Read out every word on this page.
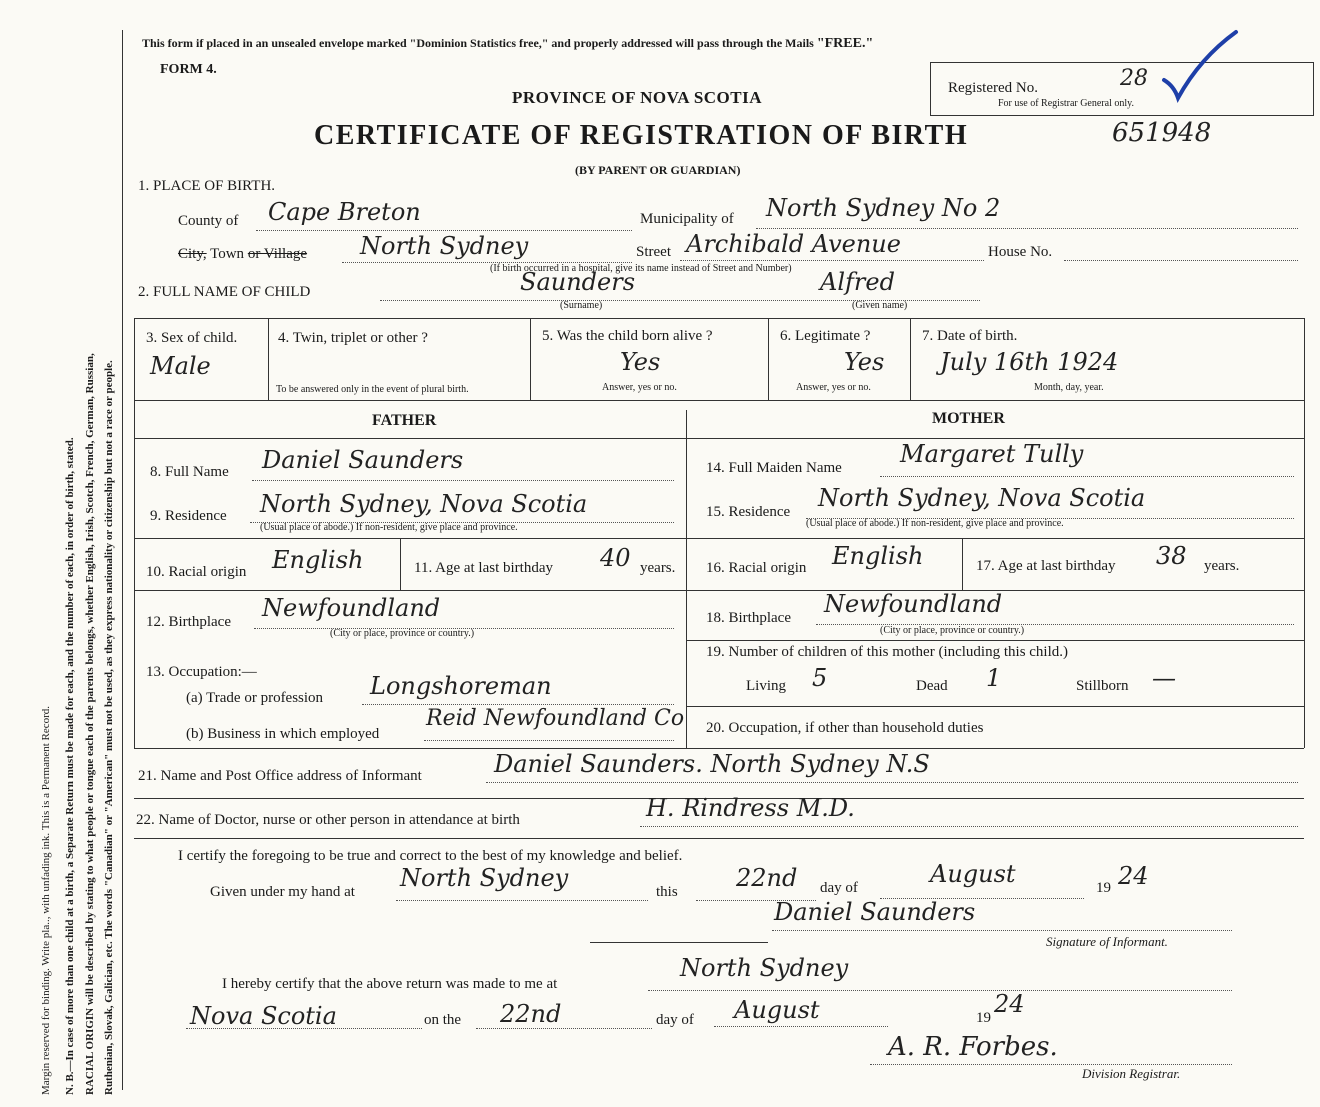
Margin reserved for binding. Write pla.., with unfading ink. This is a Permanent Record. N. B.—In case of more than one child at a birth, a Separate Return must be made for each, and the number of each, in order of birth, stated. RACIAL ORIGIN will be described by stating to what people or tongue each of the parents belongs, whether English, Irish, Scotch, French, German, Russian, Ruthenian, Slovak, Galician, etc. The words "Canadian" or "American" must not be used, as they express nationality or citizenship but not a race or people.
This form if placed in an unsealed envelope marked "Dominion Statistics free," and properly addressed will pass through the Mails "FREE."
FORM 4.
PROVINCE OF NOVA SCOTIA
CERTIFICATE OF REGISTRATION OF BIRTH
(BY PARENT OR GUARDIAN)
Registered No.	28
For use of Registrar General only.
651948
1. PLACE OF BIRTH.
County of Cape Breton	Municipality of North Sydney No 2
City, Town or Village North Sydney	Street Archibald Avenue	House No.
(If birth occurred in a hospital, give its name instead of Street and Number)
2. FULL NAME OF CHILD	Saunders	Alfred
(Surname)	(Given name)
3. Sex of child.
Male
4. Twin, triplet or other ?
To be answered only in the event of plural birth.
5. Was the child born alive ?
Yes
Answer, yes or no.
6. Legitimate ?
Yes
Answer, yes or no.
7. Date of birth.
July 16th 1924
Month, day, year.
FATHER	MOTHER
8. Full Name Daniel Saunders
9. Residence North Sydney, Nova Scotia
(Usual place of abode.) If non-resident, give place and province.
10. Racial origin English	11. Age at last birthday 40 years.
12. Birthplace Newfoundland
(City or place, province or country.)
13. Occupation:—
(a) Trade or profession Longshoreman
(b) Business in which employed
Reid Newfoundland Co
14. Full Maiden Name Margaret Tully
15. Residence North Sydney, Nova Scotia
(Usual place of abode.) If non-resident, give place and province.
16. Racial origin English	17. Age at last birthday 38 years.
18. Birthplace Newfoundland
(City or place, province or country.)
19. Number of children of this mother (including this child.)
Living 5	Dead 1	Stillborn —
20. Occupation, if other than household duties
21. Name and Post Office address of Informant	Daniel Saunders. North Sydney N.S
22. Name of Doctor, nurse or other person in attendance at birth	H. Rindress M.D.
I certify the foregoing to be true and correct to the best of my knowledge and belief.
Given under my hand at North Sydney	this 22nd day of	August	19 24
Daniel Saunders
Signature of Informant.
I hereby certify that the above return was made to me at
North Sydney
Nova Scotia	on the 22nd	day of August	19 24
A. R. Forbes.
Division Registrar.
